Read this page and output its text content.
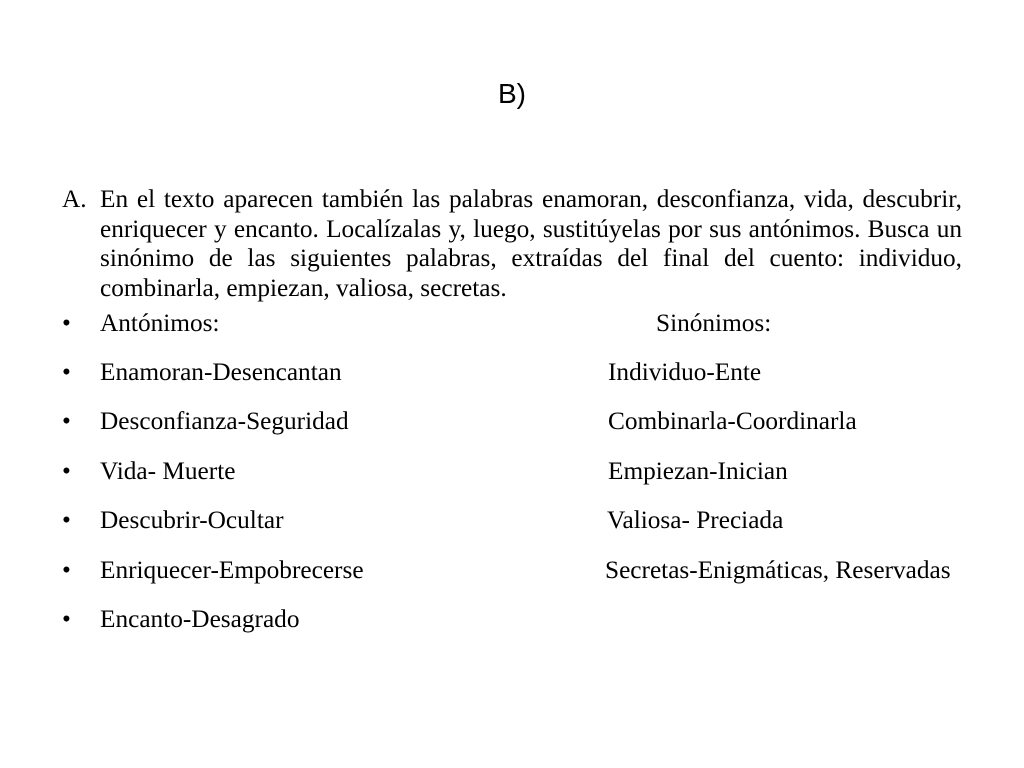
B)
A. En el texto aparecen también las palabras enamoran, desconfianza, vida, descubrir, enriquecer y encanto. Localízalas y, luego, sustitúyelas por sus antónimos. Busca un sinónimo de las siguientes palabras, extraídas del final del cuento: individuo, combinarla, empiezan, valiosa, secretas.

• Antónimos:	Sinónimos:
• Enamoran-Desencantan	Individuo-Ente
• Desconfianza-Seguridad	Combinarla-Coordinarla
• Vida- Muerte	Empiezan-Inician
• Descubrir-Ocultar	Valiosa- Preciada
• Enriquecer-Empobrecerse	Secretas-Enigmáticas, Reservadas
• Encanto-Desagrado
